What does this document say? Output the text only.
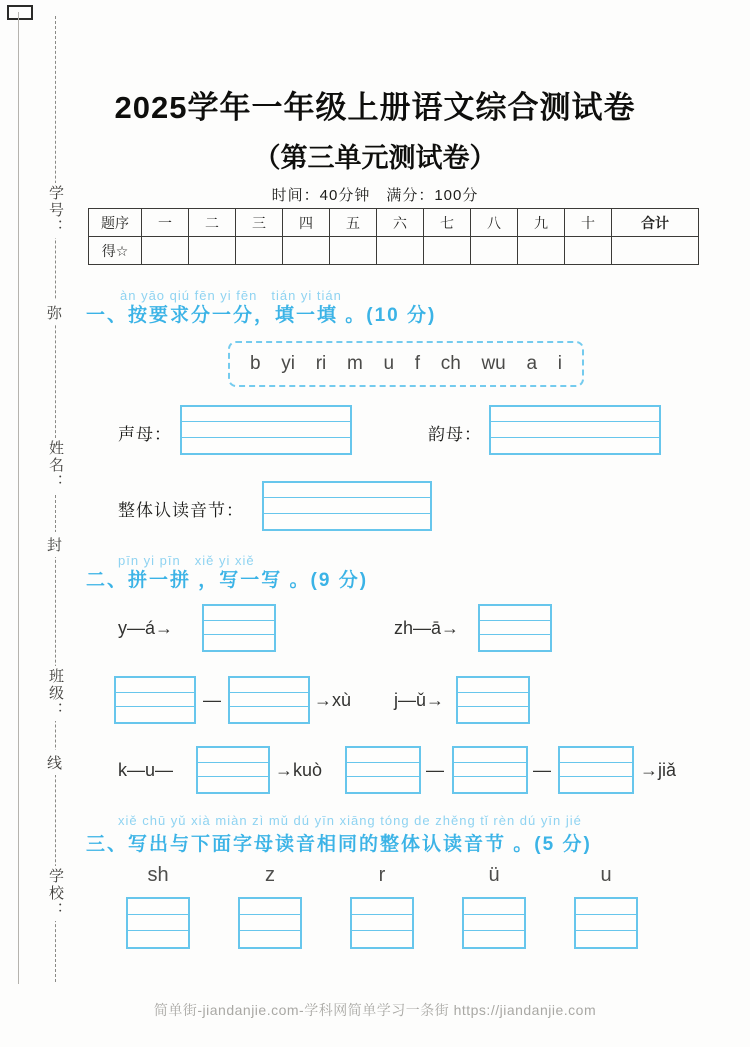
学号：
弥
姓名：
封
班级：
线
学校：
2025学年一年级上册语文综合测试卷
（第三单元测试卷）
时间：40分钟　满分：100分
题序	一	二	三	四	五	六	七	八	九	十	合计
得☆											
àn yāo qiú fēn yi fēn　tián yi tián
一、按要求分一分，填一填 。(10 分)
b yi ri m u f ch wu a i
声母：	韵母：
整体认读音节：
pīn yi pīn　xiě yi xiě
二、拼一拼 ，写一写 。(9 分)
y—á→	zh—ā→
—	→xù j—ǔ→
k—u—	→kuò	—	—	→jiǎ
xiě chū yǔ xià miàn zì mǔ dú yīn xiāng tóng de zhěng tǐ rèn dú yīn jié
三、写出与下面字母读音相同的整体认读音节 。(5 分)
sh	z	r	ü	u
简单街-jiandanjie.com-学科网简单学习一条街 https://jiandanjie.com
